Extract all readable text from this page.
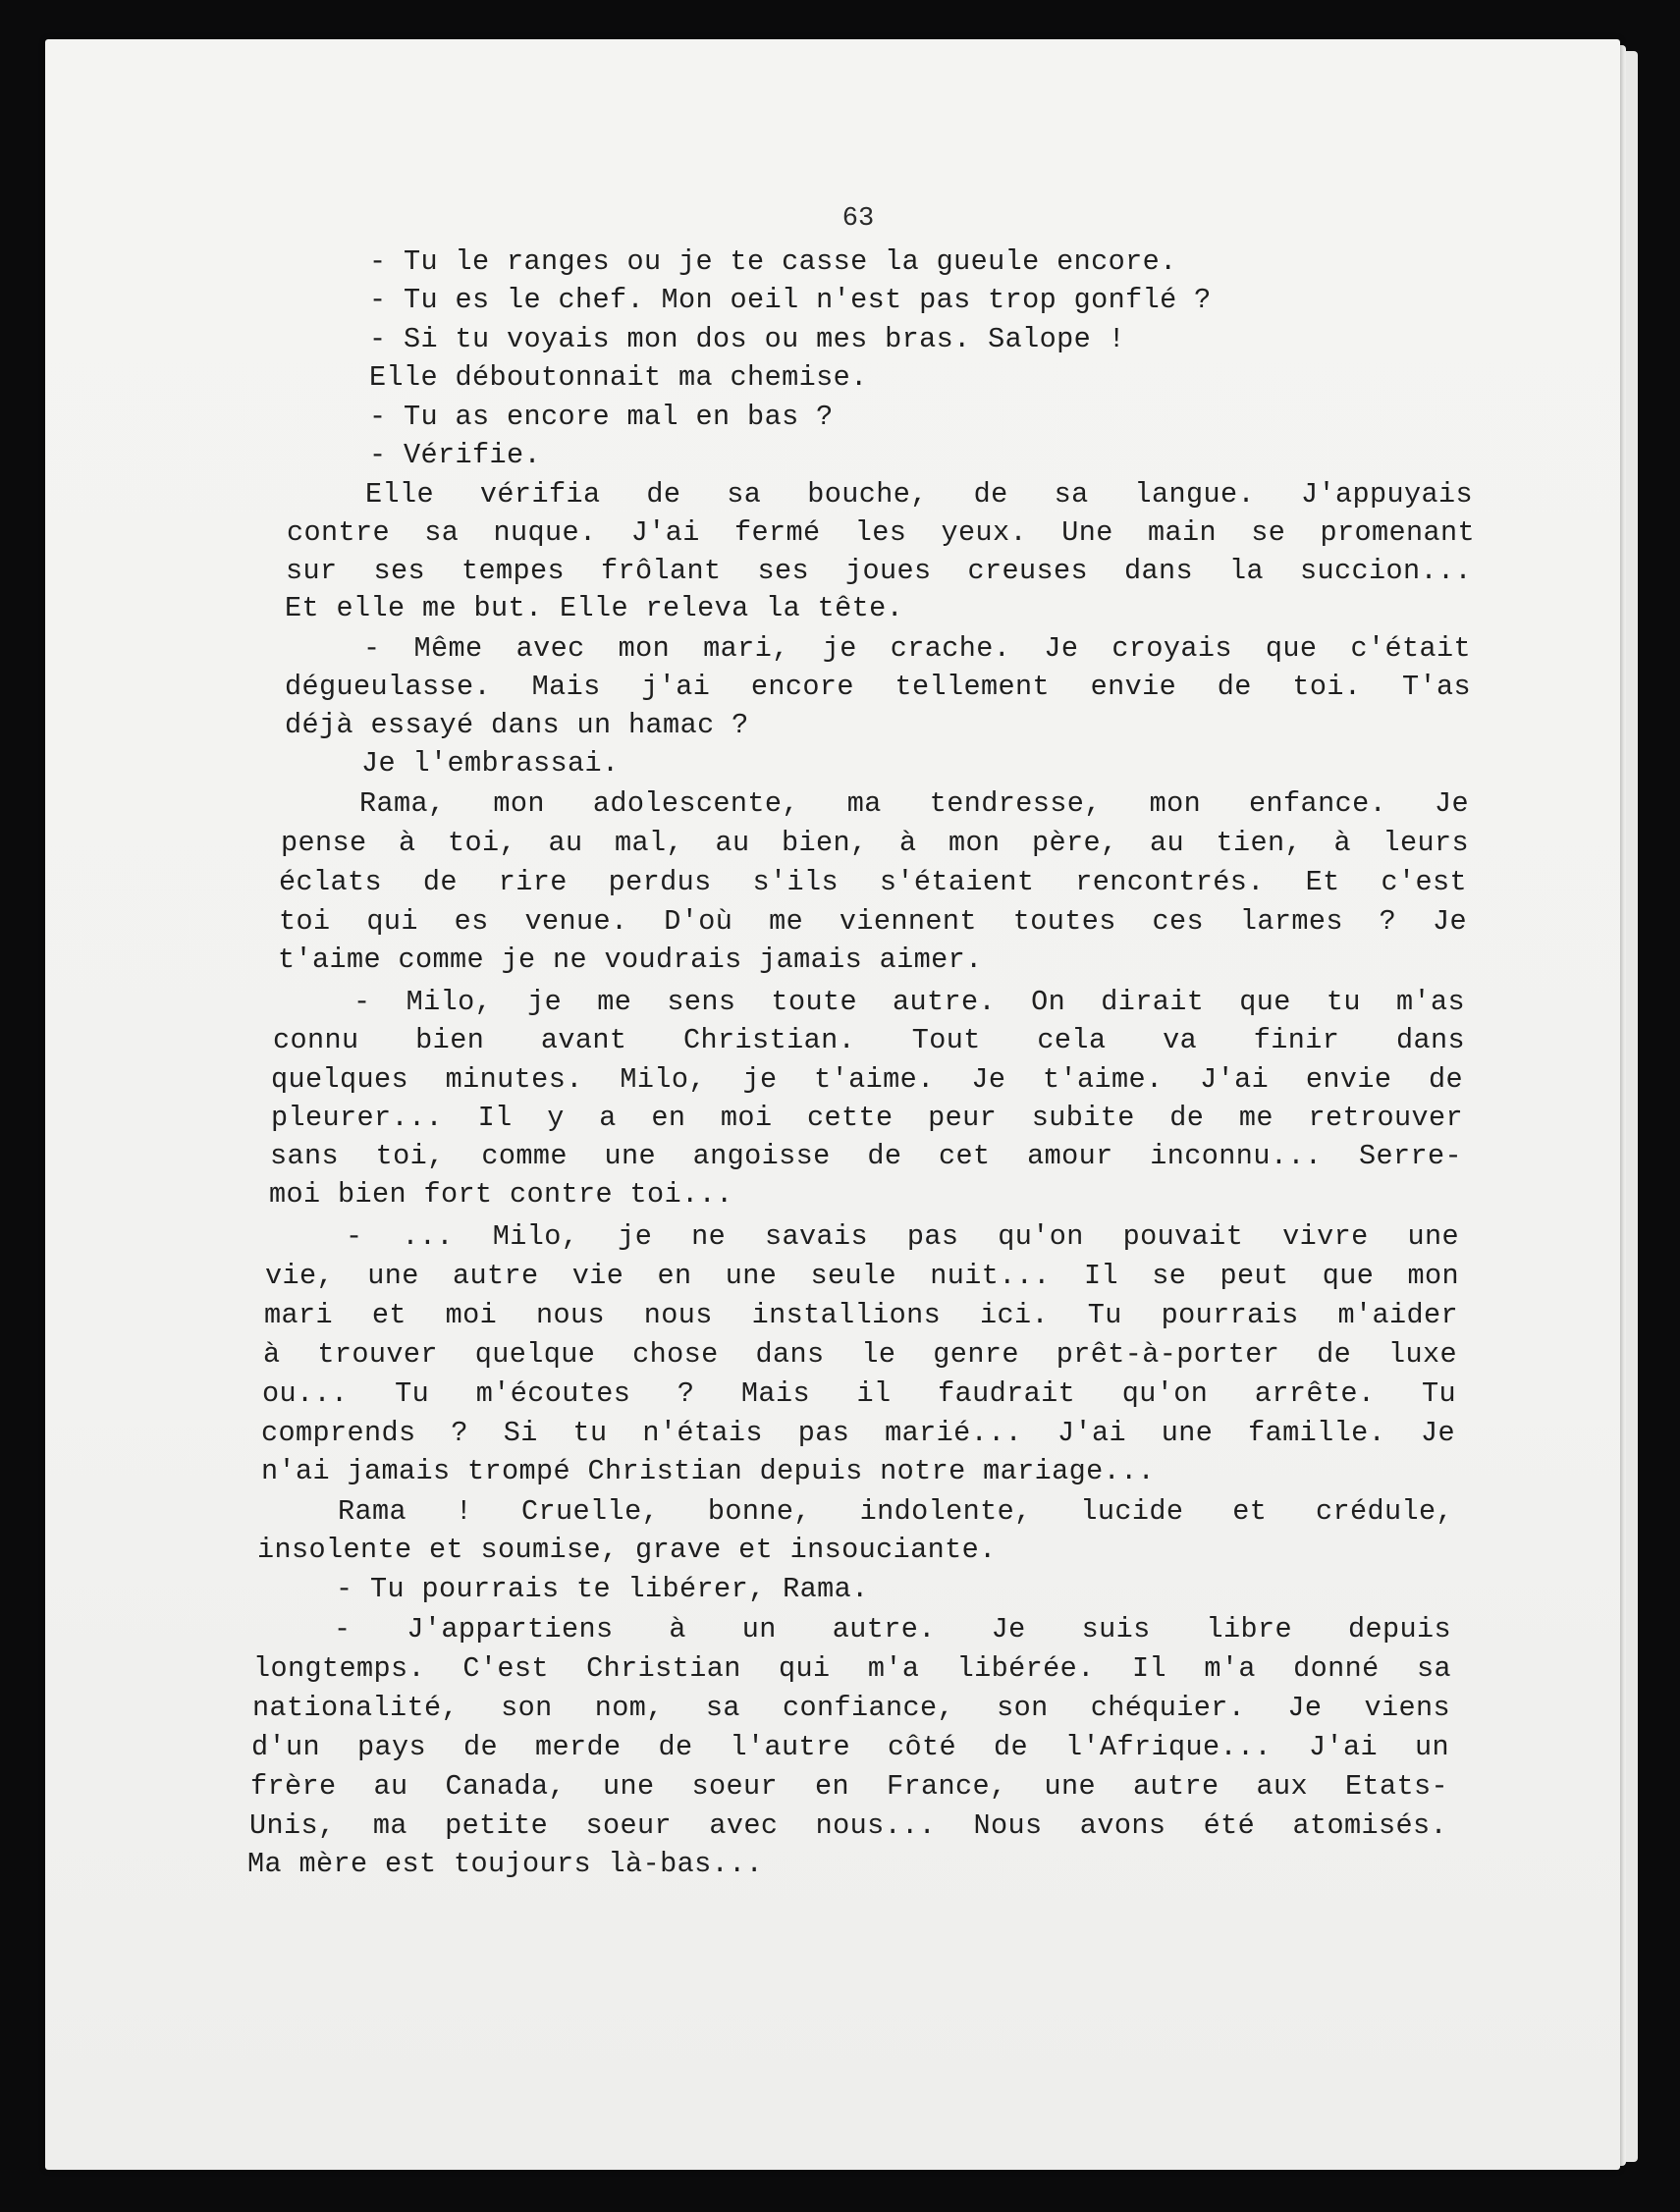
63
- Tu le ranges ou je te casse la gueule encore.
- Tu es le chef. Mon oeil n'est pas trop gonflé ?
- Si tu voyais mon dos ou mes bras. Salope !
Elle déboutonnait ma chemise.
- Tu as encore mal en bas ?
- Vérifie.
Elle vérifia de sa bouche, de sa langue. J'appuyais
contre sa nuque. J'ai fermé les yeux. Une main se promenant
sur ses tempes frôlant ses joues creuses dans la succion...
Et elle me but. Elle releva la tête.
- Même avec mon mari, je crache. Je croyais que c'était
dégueulasse. Mais j'ai encore tellement envie de toi. T'as
déjà essayé dans un hamac ?
Je l'embrassai.
Rama, mon adolescente, ma tendresse, mon enfance. Je
pense à toi, au mal, au bien, à mon père, au tien, à leurs
éclats de rire perdus s'ils s'étaient rencontrés. Et c'est
toi qui es venue. D'où me viennent toutes ces larmes ? Je
t'aime comme je ne voudrais jamais aimer.
- Milo, je me sens toute autre. On dirait que tu m'as
connu bien avant Christian. Tout cela va finir dans
quelques minutes. Milo, je t'aime. Je t'aime. J'ai envie de
pleurer... Il y a en moi cette peur subite de me retrouver
sans toi, comme une angoisse de cet amour inconnu... Serre-
moi bien fort contre toi...
- ... Milo, je ne savais pas qu'on pouvait vivre une
vie, une autre vie en une seule nuit... Il se peut que mon
mari et moi nous nous installions ici. Tu pourrais m'aider
à trouver quelque chose dans le genre prêt-à-porter de luxe
ou... Tu m'écoutes ? Mais il faudrait qu'on arrête. Tu
comprends ? Si tu n'étais pas marié... J'ai une famille. Je
n'ai jamais trompé Christian depuis notre mariage...
Rama ! Cruelle, bonne, indolente, lucide et crédule,
insolente et soumise, grave et insouciante.
- Tu pourrais te libérer, Rama.
- J'appartiens à un autre. Je suis libre depuis
longtemps. C'est Christian qui m'a libérée. Il m'a donné sa
nationalité, son nom, sa confiance, son chéquier. Je viens
d'un pays de merde de l'autre côté de l'Afrique... J'ai un
frère au Canada, une soeur en France, une autre aux Etats-
Unis, ma petite soeur avec nous... Nous avons été atomisés.
Ma mère est toujours là-bas...
